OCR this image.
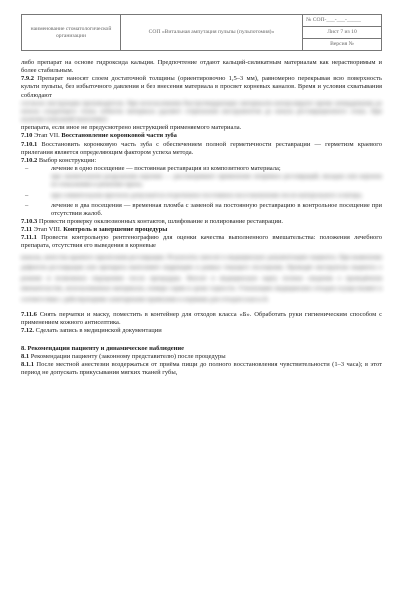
наименование стоматологической организации	СОП «Витальная ампутация пульпы (пульпотомия)»	№ СОП-___-___-_____
Лист 7 из 10
Версия №

либо препарат на основе гидроксида кальция. Предпочтение отдают кальций-силикатным материалам как нерастворимым и более стабильным.

7.9.2 Препарат наносят слоем достаточной толщины (ориентировочно 1,5–3 мм), равномерно перекрывая всю поверхность культи пульпы, без избыточного давления и без внесения материала в просвет корневых каналов. Время и условия схватывания соблюдают

согласно инструкции производителя. При использовании быстротвердеющих материалов контролируют время затвердевания до начала следующего этапа; избыток материала удаляют стерильным инструментом до начала реставрационного этапа. При наличии показаний выполняют

препарата, если иное не предусмотрено инструкцией применяемого материала.

7.10 Этап VII. Восстановление коронковой части зуба

7.10.1 Восстановить коронковую часть зуба с обеспечением полной герметичности реставрации — герметизм краевого прилегания является определяющим фактором успеха метода.

7.10.2 Выбор конструкции:

–	лечение в одно посещение — постоянная реставрация из композитного материала;
при значительном разрушении коронки — рассматривают применение непрямых реставраций, вкладок или коронок по показаниям и решению врача;
–	при сомнительном прогнозе допускается отсроченное постоянное восстановление после контрольного осмотра;
–	лечение в два посещения — временная пломба с заменой на постоянную реставрацию в контрольное посещение при отсутствии жалоб.

7.10.3 Провести проверку окклюзионных контактов, шлифование и полирование реставрации.

7.11 Этап VIII. Контроль и завершение процедуры

7.11.1 Провести контрольную рентгенографию для оценки качества выполненного вмешательства: положения лечебного препарата, отсутствия его выведения в корневые

каналы, качества краевого прилегания реставрации. Результаты заносят в медицинскую документацию пациента. При выявлении дефектов реставрации или препарата выполняют коррекцию в рамках текущего посещения. Проводят инструктаж пациента о режиме и возможных ощущениях после процедуры. Вносят в медицинскую карту полные сведения о проведённом вмешательстве, использованных материалах, номере серии и сроке годности. Утилизацию медицинских отходов осуществляют в соответствии с действующими санитарными правилами и нормами для отходов класса Б.

7.11.6 Снять перчатки и маску, поместить в контейнер для отходов класса «Б». Обработать руки гигиеническим способом с применением кожного антисептика.

7.12. Сделать запись в медицинской документации

8. Рекомендации пациенту и динамическое наблюдение

8.1 Рекомендации пациенту (законному представителю) после процедуры

8.1.1 После местной анестезии воздержаться от приёма пищи до полного восстановления чувствительности (1–3 часа); в этот период не допускать прикусывания мягких тканей губы,
